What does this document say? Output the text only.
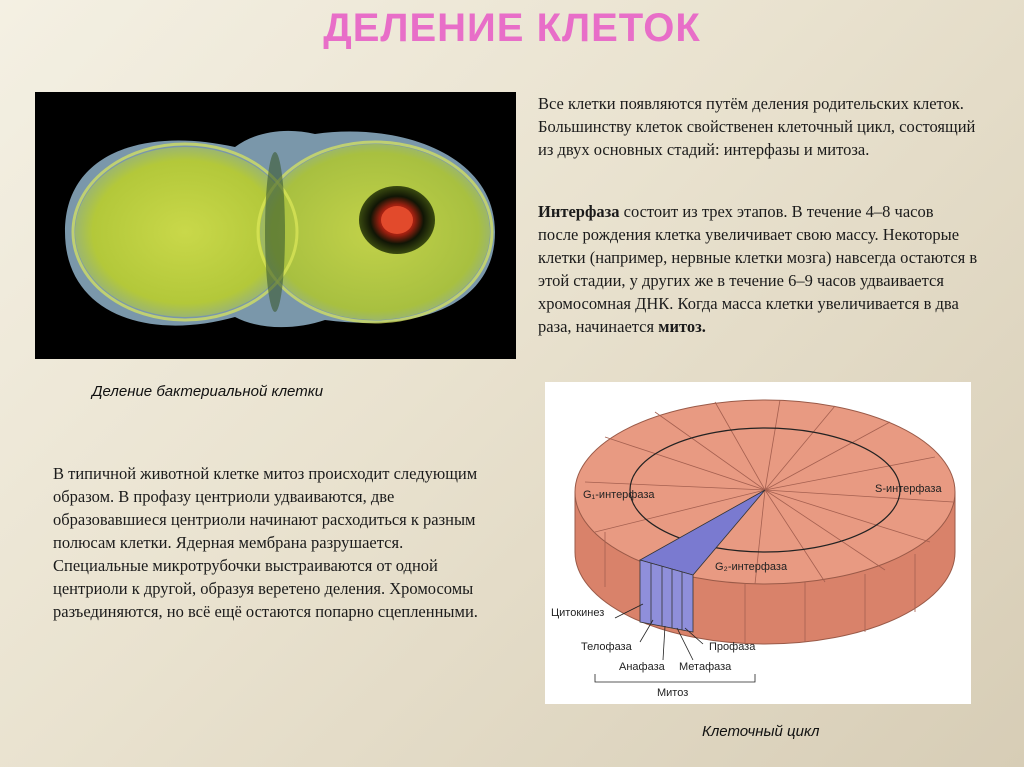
ДЕЛЕНИЕ КЛЕТОК
Деление бактериальной клетки
Все клетки появляются путём деления родительских клеток. Большинству клеток свойственен клеточный цикл, состоящий из двух основных стадий: интерфазы и митоза.
Интерфаза состоит из трех этапов. В течение 4–8 часов после рождения клетка увеличивает свою массу. Некоторые клетки (например, нервные клетки мозга) навсегда остаются в этой стадии, у других же в течение 6–9 часов удваивается хромосомная ДНК. Когда масса клетки увеличивается в два раза, начинается митоз.
В типичной животной клетке митоз происходит следующим образом. В профазу центриоли удваиваются, две образовавшиеся центриоли начинают расходиться к разным полюсам клетки. Ядерная мембрана разрушается. Специальные микротрубочки выстраиваются от одной центриоли к другой, образуя веретено деления. Хромосомы разъединяются, но всё ещё остаются попарно сцепленными.
G₁-интерфаза	S-интерфаза
G₂-интерфаза
Цитокинез
Телофаза
Анафаза Метафаза
Профаза
Митоз
Клеточный цикл
